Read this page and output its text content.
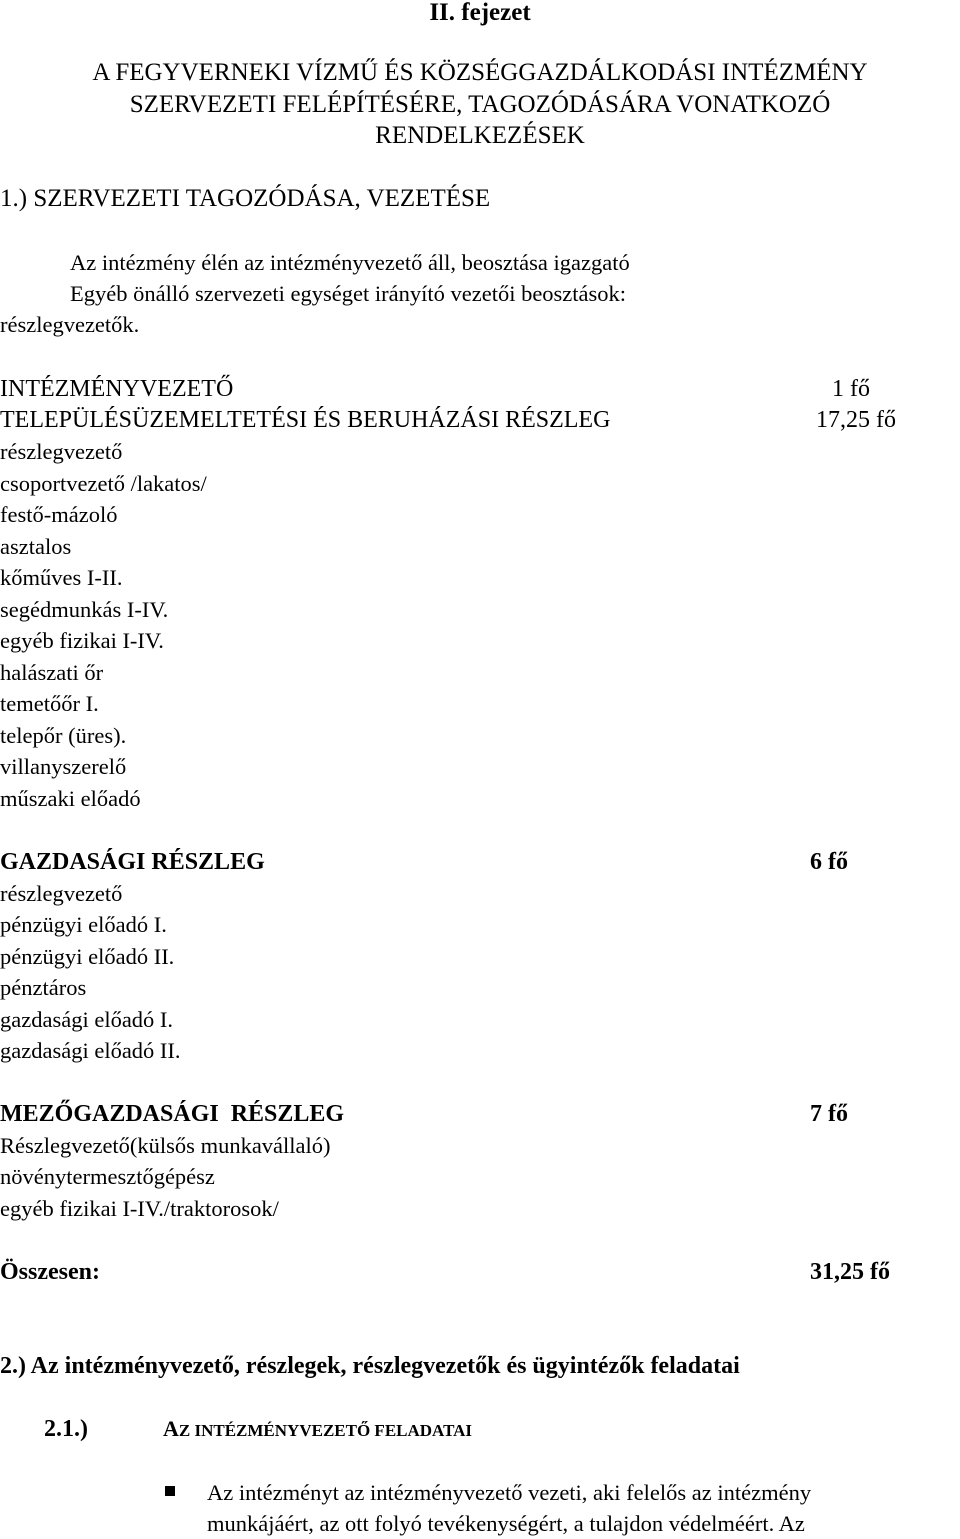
II. fejezet
A FEGYVERNEKI VÍZMŰ ÉS KÖZSÉGGAZDÁLKODÁSI INTÉZMÉNY
SZERVEZETI FELÉPÍTÉSÉRE, TAGOZÓDÁSÁRA VONATKOZÓ
RENDELKEZÉSEK
1.) SZERVEZETI TAGOZÓDÁSA, VEZETÉSE
Az intézmény élén az intézményvezető áll, beosztása igazgató
Egyéb önálló szervezeti egységet irányító vezetői beosztások:
részlegvezetők.
INTÉZMÉNYVEZETŐ	1 fő
TELEPÜLÉSÜZEMELTETÉSI ÉS BERUHÁZÁSI RÉSZLEG	17,25 fő
részlegvezető
csoportvezető /lakatos/
festő-mázoló
asztalos
kőműves I-II.
segédmunkás I-IV.
egyéb fizikai I-IV.
halászati őr
temetőőr I.
telepőr (üres).
villanyszerelő
műszaki előadó
GAZDASÁGI RÉSZLEG	6 fő
részlegvezető
pénzügyi előadó I.
pénzügyi előadó II.
pénztáros
gazdasági előadó I.
gazdasági előadó II.
MEZŐGAZDASÁGI  RÉSZLEG	7 fő
Részlegvezető(külsős munkavállaló)
növénytermesztőgépész
egyéb fizikai I-IV./traktorosok/
Összesen:	31,25 fő
2.) Az intézményvezető, részlegek, részlegvezetők és ügyintézők feladatai
2.1.)	AZ INTÉZMÉNYVEZETŐ FELADATAI
Az intézményt az intézményvezető vezeti, aki felelős az intézmény
munkájáért, az ott folyó tevékenységért, a tulajdon védelméért. Az
